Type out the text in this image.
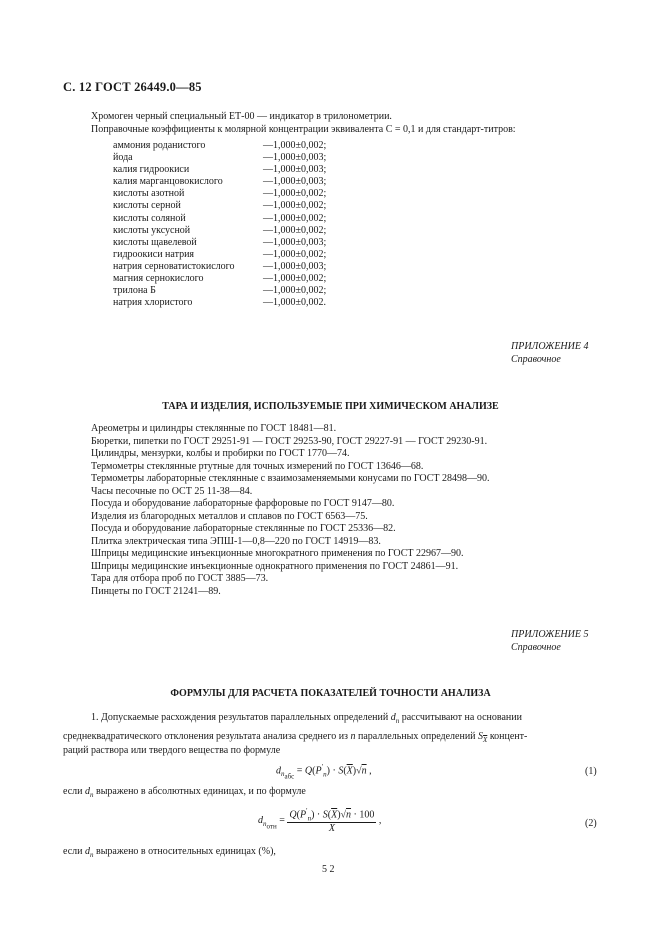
С. 12 ГОСТ 26449.0—85
Хромоген черный специальный ЕТ-00 — индикатор в трилонометрии.
Поправочные коэффициенты к молярной концентрации эквивалента С = 0,1 и для стандарт-титров:
аммония роданистого	—1,000±0,002;
йода	—1,000±0,003;
калия гидроокиси	—1,000±0,003;
калия марганцовокислого	—1,000±0,003;
кислоты азотной	—1,000±0,002;
кислоты серной	—1,000±0,002;
кислоты соляной	—1,000±0,002;
кислоты уксусной	—1,000±0,002;
кислоты щавелевой	—1,000±0,003;
гидроокиси натрия	—1,000±0,002;
натрия серноватистокислого	—1,000±0,003;
магния сернокислого	—1,000±0,002;
трилона Б	—1,000±0,002;
натрия хлористого	—1,000±0,002.
ПРИЛОЖЕНИЕ 4
Справочное
ТАРА И ИЗДЕЛИЯ, ИСПОЛЬЗУЕМЫЕ ПРИ ХИМИЧЕСКОМ АНАЛИЗЕ
Ареометры и цилиндры стеклянные по ГОСТ 18481—81.
Бюретки, пипетки по ГОСТ 29251-91 — ГОСТ 29253-90, ГОСТ 29227-91 — ГОСТ 29230-91.
Цилиндры, мензурки, колбы и пробирки по ГОСТ 1770—74.
Термометры стеклянные ртутные для точных измерений по ГОСТ 13646—68.
Термометры лабораторные стеклянные с взаимозаменяемыми конусами по ГОСТ 28498—90.
Часы песочные по ОСТ 25 11-38—84.
Посуда и оборудование лабораторные фарфоровые по ГОСТ 9147—80.
Изделия из благородных металлов и сплавов по ГОСТ 6563—75.
Посуда и оборудование лабораторные стеклянные по ГОСТ 25336—82.
Плитка электрическая типа ЭПШ-1—0,8—220 по ГОСТ 14919—83.
Шприцы медицинские инъекционные многократного применения по ГОСТ 22967—90.
Шприцы медицинские инъекционные однократного применения по ГОСТ 24861—91.
Тара для отбора проб по ГОСТ 3885—73.
Пинцеты по ГОСТ 21241—89.
ПРИЛОЖЕНИЕ 5
Справочное
ФОРМУЛЫ ДЛЯ РАСЧЕТА ПОКАЗАТЕЛЕЙ ТОЧНОСТИ АНАЛИЗА
1. Допускаемые расхождения результатов параллельных определений $d_n$ рассчитывают на основании
среднеквадратического отклонения результата анализа среднего из n параллельных определений $S_{\overline{X}}$ концент-
раций раствора или твердого вещества по формуле
$d_{n_{абс}} = Q(P'_n) \cdot S(\overline{X})√n$ ,	(1)
если $d_n$ выражено в абсолютных единицах, и по формуле
$d_{n_{отн}} = \frac{Q(P'_n) \cdot S(\overline{X})√n \cdot 100}{X}$ ,	(2)
если $d_n$ выражено в относительных единицах (%),
5 2
